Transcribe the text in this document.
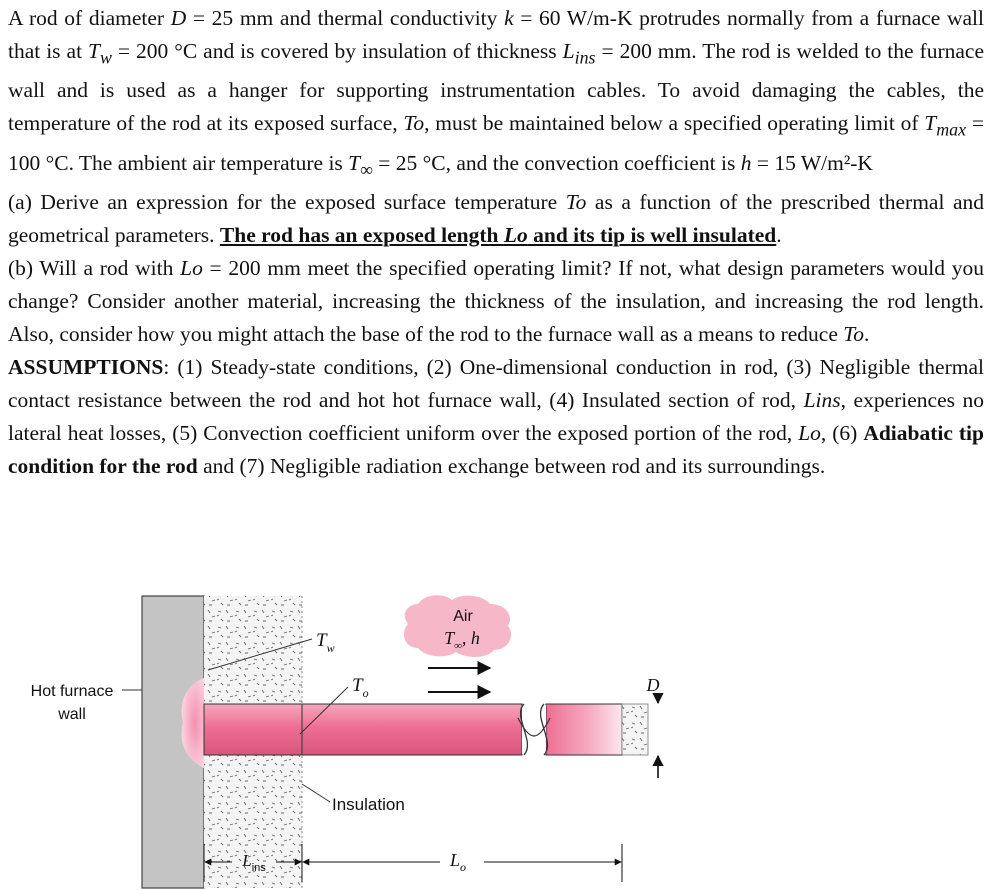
A rod of diameter D = 25 mm and thermal conductivity k = 60 W/m-K protrudes normally from a furnace wall that is at $T_w = 200$ °C and is covered by insulation of thickness $L_{ins} = 200$ mm. The rod is welded to the furnace wall and is used as a hanger for supporting instrumentation cables. To avoid damaging the cables, the temperature of the rod at its exposed surface, To, must be maintained below a specified operating limit of $T_{max} = 100$ °C. The ambient air temperature is $T_\infty = 25$ °C, and the convection coefficient is h = 15 W/m²-K

(a) Derive an expression for the exposed surface temperature To as a function of the prescribed thermal and geometrical parameters. The rod has an exposed length Lo and its tip is well insulated.

(b) Will a rod with Lo = 200 mm meet the specified operating limit? If not, what design parameters would you change? Consider another material, increasing the thickness of the insulation, and increasing the rod length. Also, consider how you might attach the base of the rod to the furnace wall as a means to reduce To.

ASSUMPTIONS: (1) Steady-state conditions, (2) One-dimensional conduction in rod, (3) Negligible thermal contact resistance between the rod and hot hot furnace wall, (4) Insulated section of rod, Lins, experiences no lateral heat losses, (5) Convection coefficient uniform over the exposed portion of the rod, Lo, (6) Adiabatic tip condition for the rod and (7) Negligible radiation exchange between rod and its surroundings.

Air
$T_\infty$, h
$T_w$
$T_o$
Hot furnace
wall
D
Insulation
$L_{ins}$	$L_o$
